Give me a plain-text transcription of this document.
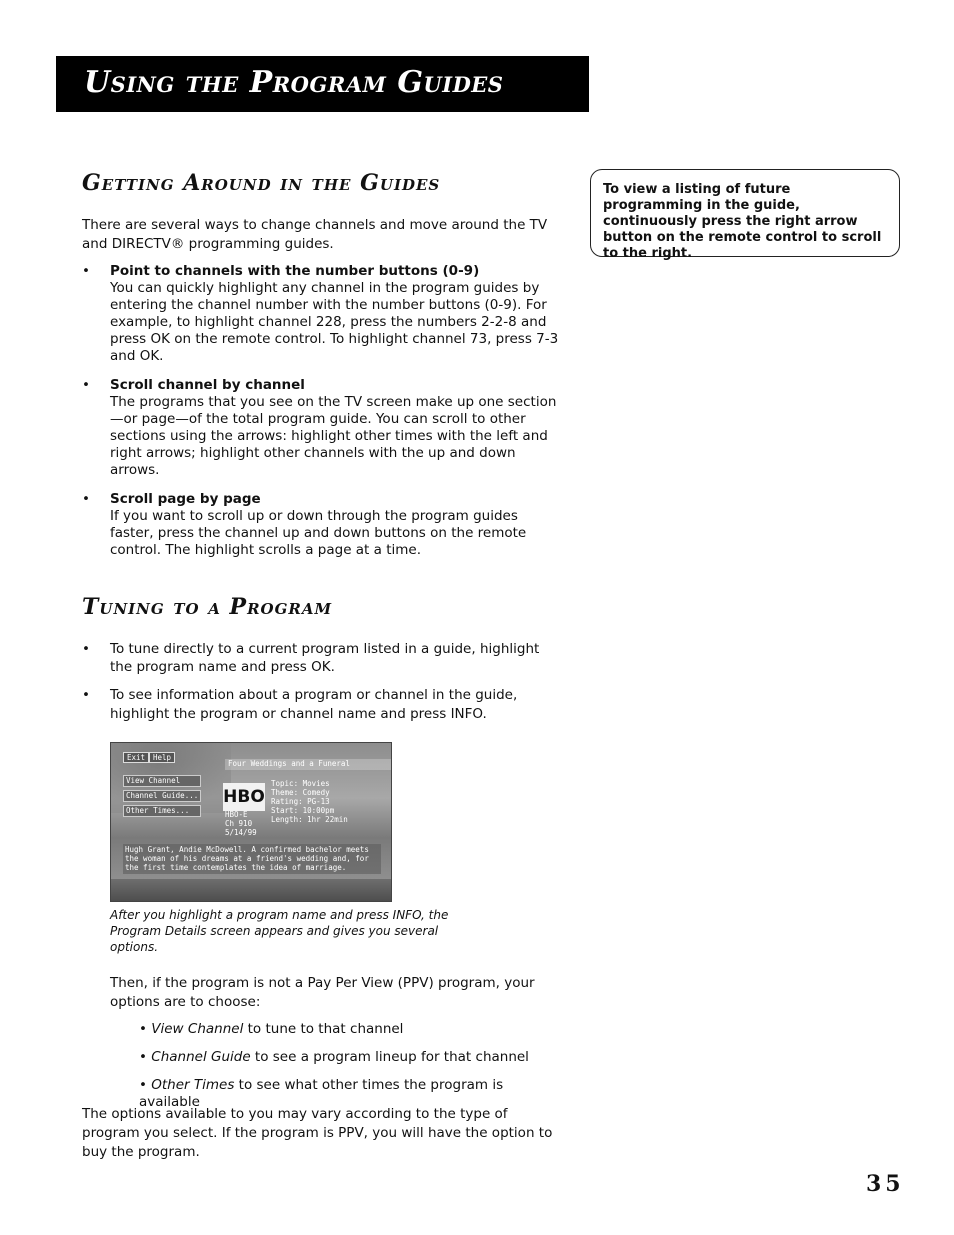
Using the Program Guides
Getting Around in the Guides
There are several ways to change channels and move around the TV and DIRECTV® programming guides.
• Point to channels with the number buttons (0-9)
You can quickly highlight any channel in the program guides by entering the channel number with the number buttons (0-9). For example, to highlight channel 228, press the numbers 2-2-8 and press OK on the remote control. To highlight channel 73, press 7-3 and OK.
• Scroll channel by channel
The programs that you see on the TV screen make up one section—or page—of the total program guide. You can scroll to other sections using the arrows: highlight other times with the left and right arrows; highlight other channels with the up and down arrows.
• Scroll page by page
If you want to scroll up or down through the program guides faster, press the channel up and down buttons on the remote control. The highlight scrolls a page at a time.
Tuning to a Program
• To tune directly to a current program listed in a guide, highlight the program name and press OK.
• To see information about a program or channel in the guide, highlight the program or channel name and press INFO.
Exit	Help
Four Weddings and a Funeral
View Channel
Channel Guide...
Other Times...
HBO
Topic: Movies
Theme: Comedy
Rating: PG-13
Start: 10:00pm
Length: 1hr 22min
HBO-E
Ch 910
5/14/99
Hugh Grant, Andie McDowell. A confirmed bachelor meets the woman of his dreams at a friend's wedding and, for the first time contemplates the idea of marriage.
After you highlight a program name and press INFO, the Program Details screen appears and gives you several options.
Then, if the program is not a Pay Per View (PPV) program, your options are to choose:
• View Channel to tune to that channel
• Channel Guide to see a program lineup for that channel
• Other Times to see what other times the program is available
The options available to you may vary according to the type of program you select. If the program is PPV, you will have the option to buy the program.
To view a listing of future programming in the guide, continuously press the right arrow button on the remote control to scroll to the right.
35
